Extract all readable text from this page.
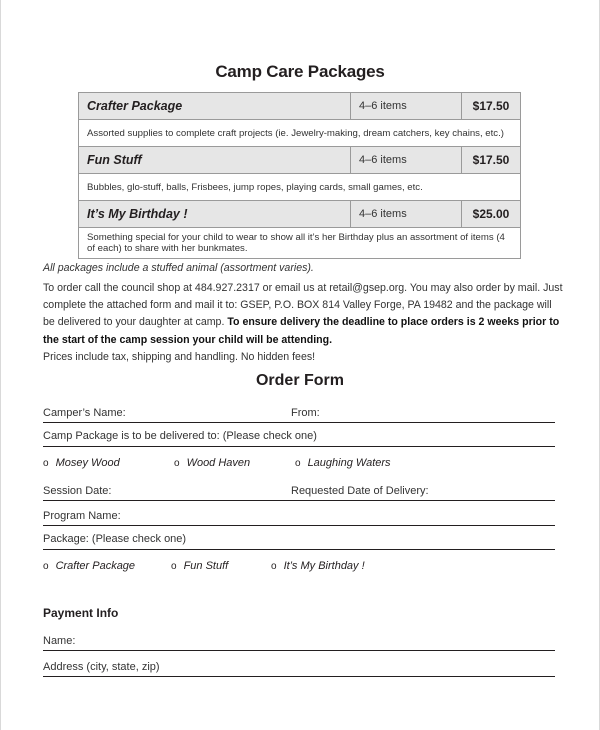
Camp Care Packages
Crafter Package	4–6 items	$17.50
Assorted supplies to complete craft projects (ie. Jewelry-making, dream catchers, key chains, etc.)		
Fun Stuff	4–6 items	$17.50
Bubbles, glo-stuff, balls, Frisbees, jump ropes, playing cards, small games, etc.		
It’s My Birthday !	4–6 items	$25.00
Something special for your child to wear to show all it’s her Birthday plus an assortment of items (4 of each) to share with her bunkmates.		
All packages include a stuffed animal (assortment varies).
To order call the council shop at 484.927.2317 or email us at retail@gsep.org. You may also order by mail. Just complete the attached form and mail it to: GSEP, P.O. BOX 814 Valley Forge, PA 19482 and the package will be delivered to your daughter at camp. To ensure delivery the deadline to place orders is 2 weeks prior to the start of the camp session your child will be attending.
Prices include tax, shipping and handling. No hidden fees!
Order Form
Camper’s Name:	From:
Camp Package is to be delivered to: (Please check one)
o Mosey Wood	o Wood Haven	o Laughing Waters
Session Date:	Requested Date of Delivery:
Program Name:
Package: (Please check one)
o Crafter Package	o Fun Stuff	o It’s My Birthday !
Payment Info
Name:
Address (city, state, zip)
